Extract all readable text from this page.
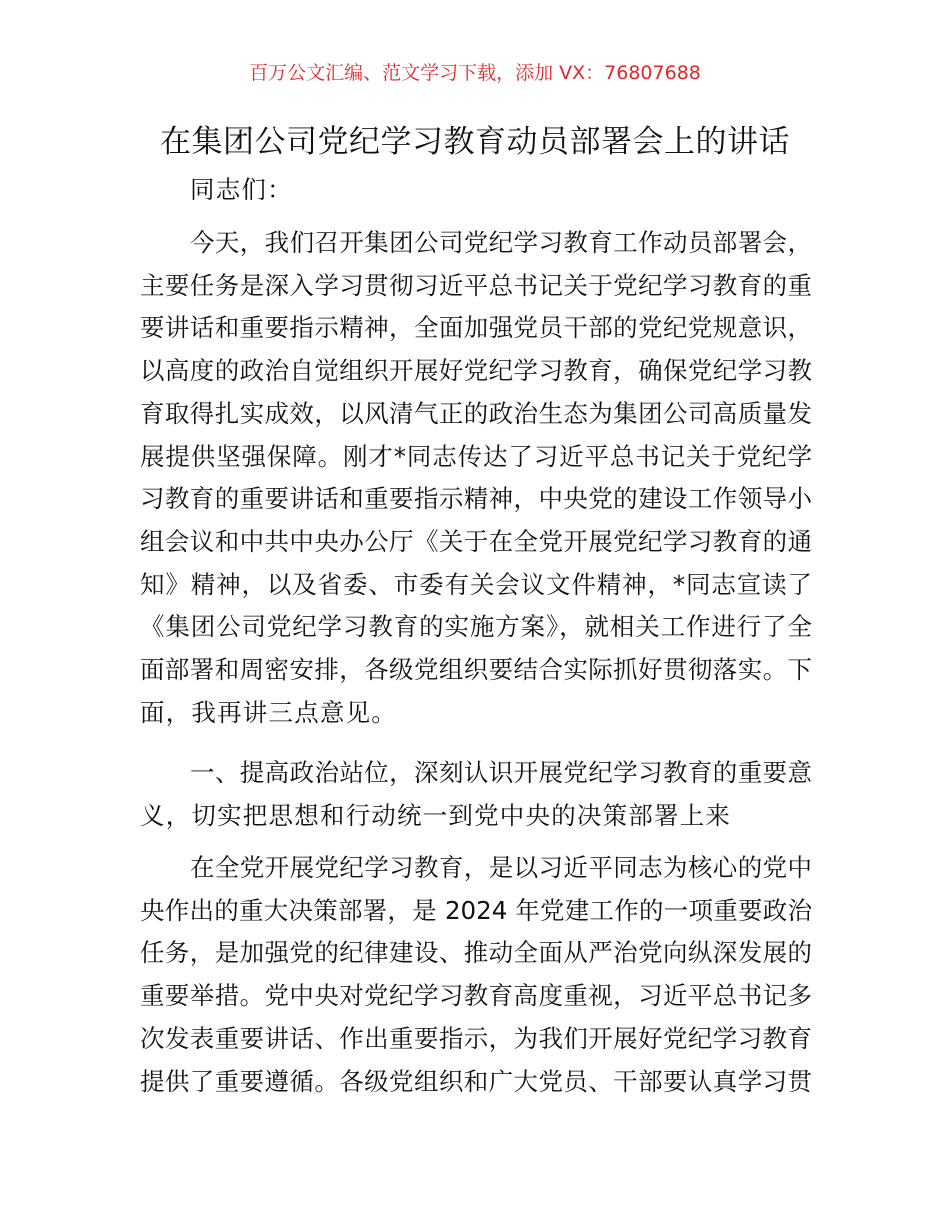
百万公文汇编、范文学习下载，添加 VX：76807688
在集团公司党纪学习教育动员部署会上的讲话
同志们：
今天，我们召开集团公司党纪学习教育工作动员部署会，
主要任务是深入学习贯彻习近平总书记关于党纪学习教育的重
要讲话和重要指示精神，全面加强党员干部的党纪党规意识，
以高度的政治自觉组织开展好党纪学习教育，确保党纪学习教
育取得扎实成效，以风清气正的政治生态为集团公司高质量发
展提供坚强保障。刚才*同志传达了习近平总书记关于党纪学
习教育的重要讲话和重要指示精神，中央党的建设工作领导小
组会议和中共中央办公厅《关于在全党开展党纪学习教育的通
知》精神，以及省委、市委有关会议文件精神，*同志宣读了
《集团公司党纪学习教育的实施方案》，就相关工作进行了全
面部署和周密安排，各级党组织要结合实际抓好贯彻落实。下
面，我再讲三点意见。
一、提高政治站位，深刻认识开展党纪学习教育的重要意
义，切实把思想和行动统一到党中央的决策部署上来
在全党开展党纪学习教育，是以习近平同志为核心的党中
央作出的重大决策部署，是 2024 年党建工作的一项重要政治
任务，是加强党的纪律建设、推动全面从严治党向纵深发展的
重要举措。党中央对党纪学习教育高度重视，习近平总书记多
次发表重要讲话、作出重要指示，为我们开展好党纪学习教育
提供了重要遵循。各级党组织和广大党员、干部要认真学习贯
